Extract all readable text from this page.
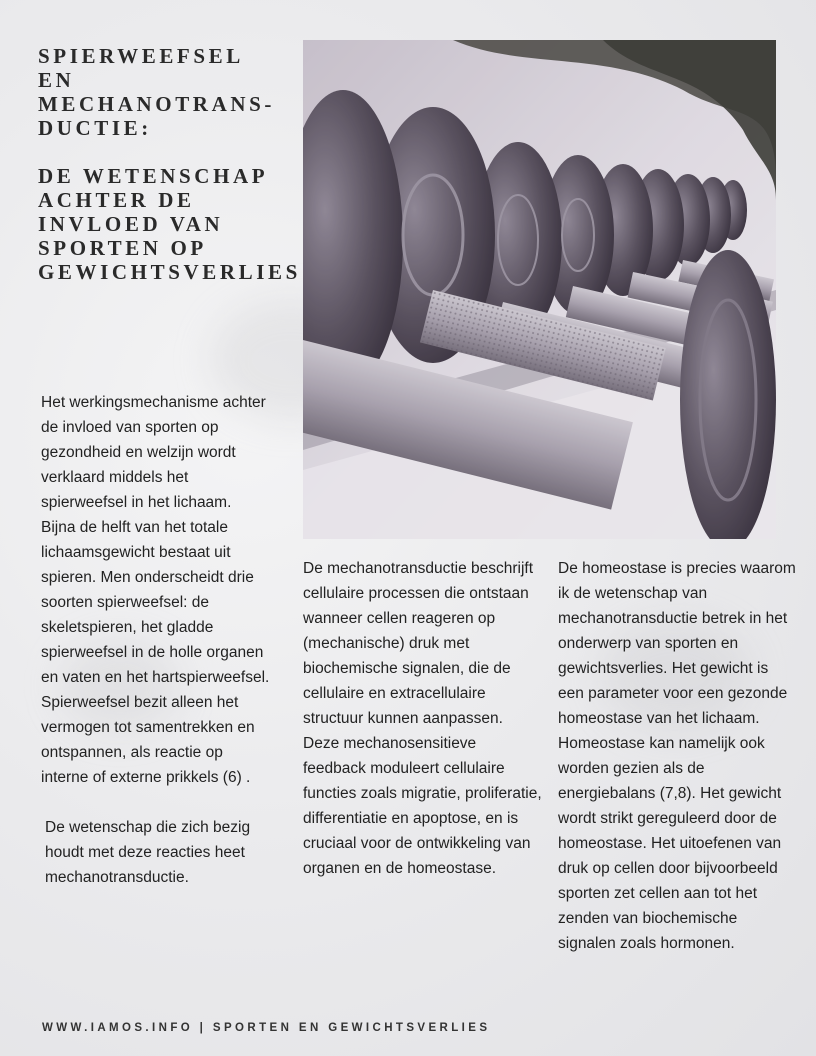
SPIERWEEFSEL
EN
MECHANOTRANS-
DUCTIE:
DE WETENSCHAP
ACHTER DE
INVLOED VAN
SPORTEN OP
GEWICHTSVERLIES

Het werkingsmechanisme achter de invloed van sporten op gezondheid en welzijn wordt verklaard middels het spierweefsel in het lichaam.

Bijna de helft van het totale lichaamsgewicht bestaat uit spieren. Men onderscheidt drie soorten spierweefsel: de skeletspieren, het gladde spierweefsel in de holle organen en vaten en het hartspierweefsel. Spierweefsel bezit alleen het vermogen tot samentrekken en ontspannen, als reactie op interne of externe prikkels (6) .

De wetenschap die zich bezig houdt met deze reacties heet mechanotransductie.

De mechanotransductie beschrijft cellulaire processen die ontstaan wanneer cellen reageren op (mechanische) druk met biochemische signalen, die de cellulaire en extracellulaire structuur kunnen aanpassen. Deze mechanosensitieve feedback moduleert cellulaire functies zoals migratie, proliferatie, differentiatie en apoptose, en is cruciaal voor de ontwikkeling van organen en de homeostase.

De homeostase is precies waarom ik de wetenschap van mechanotransductie betrek in het onderwerp van sporten en gewichtsverlies. Het gewicht is een parameter voor een gezonde homeostase van het lichaam. Homeostase kan namelijk ook worden gezien als de energiebalans (7,8). Het gewicht wordt strikt gereguleerd door de homeostase. Het uitoefenen van druk op cellen door bijvoorbeeld sporten zet cellen aan tot het zenden van biochemische signalen zoals hormonen.

WWW.IAMOS.INFO | SPORTEN EN GEWICHTSVERLIES
